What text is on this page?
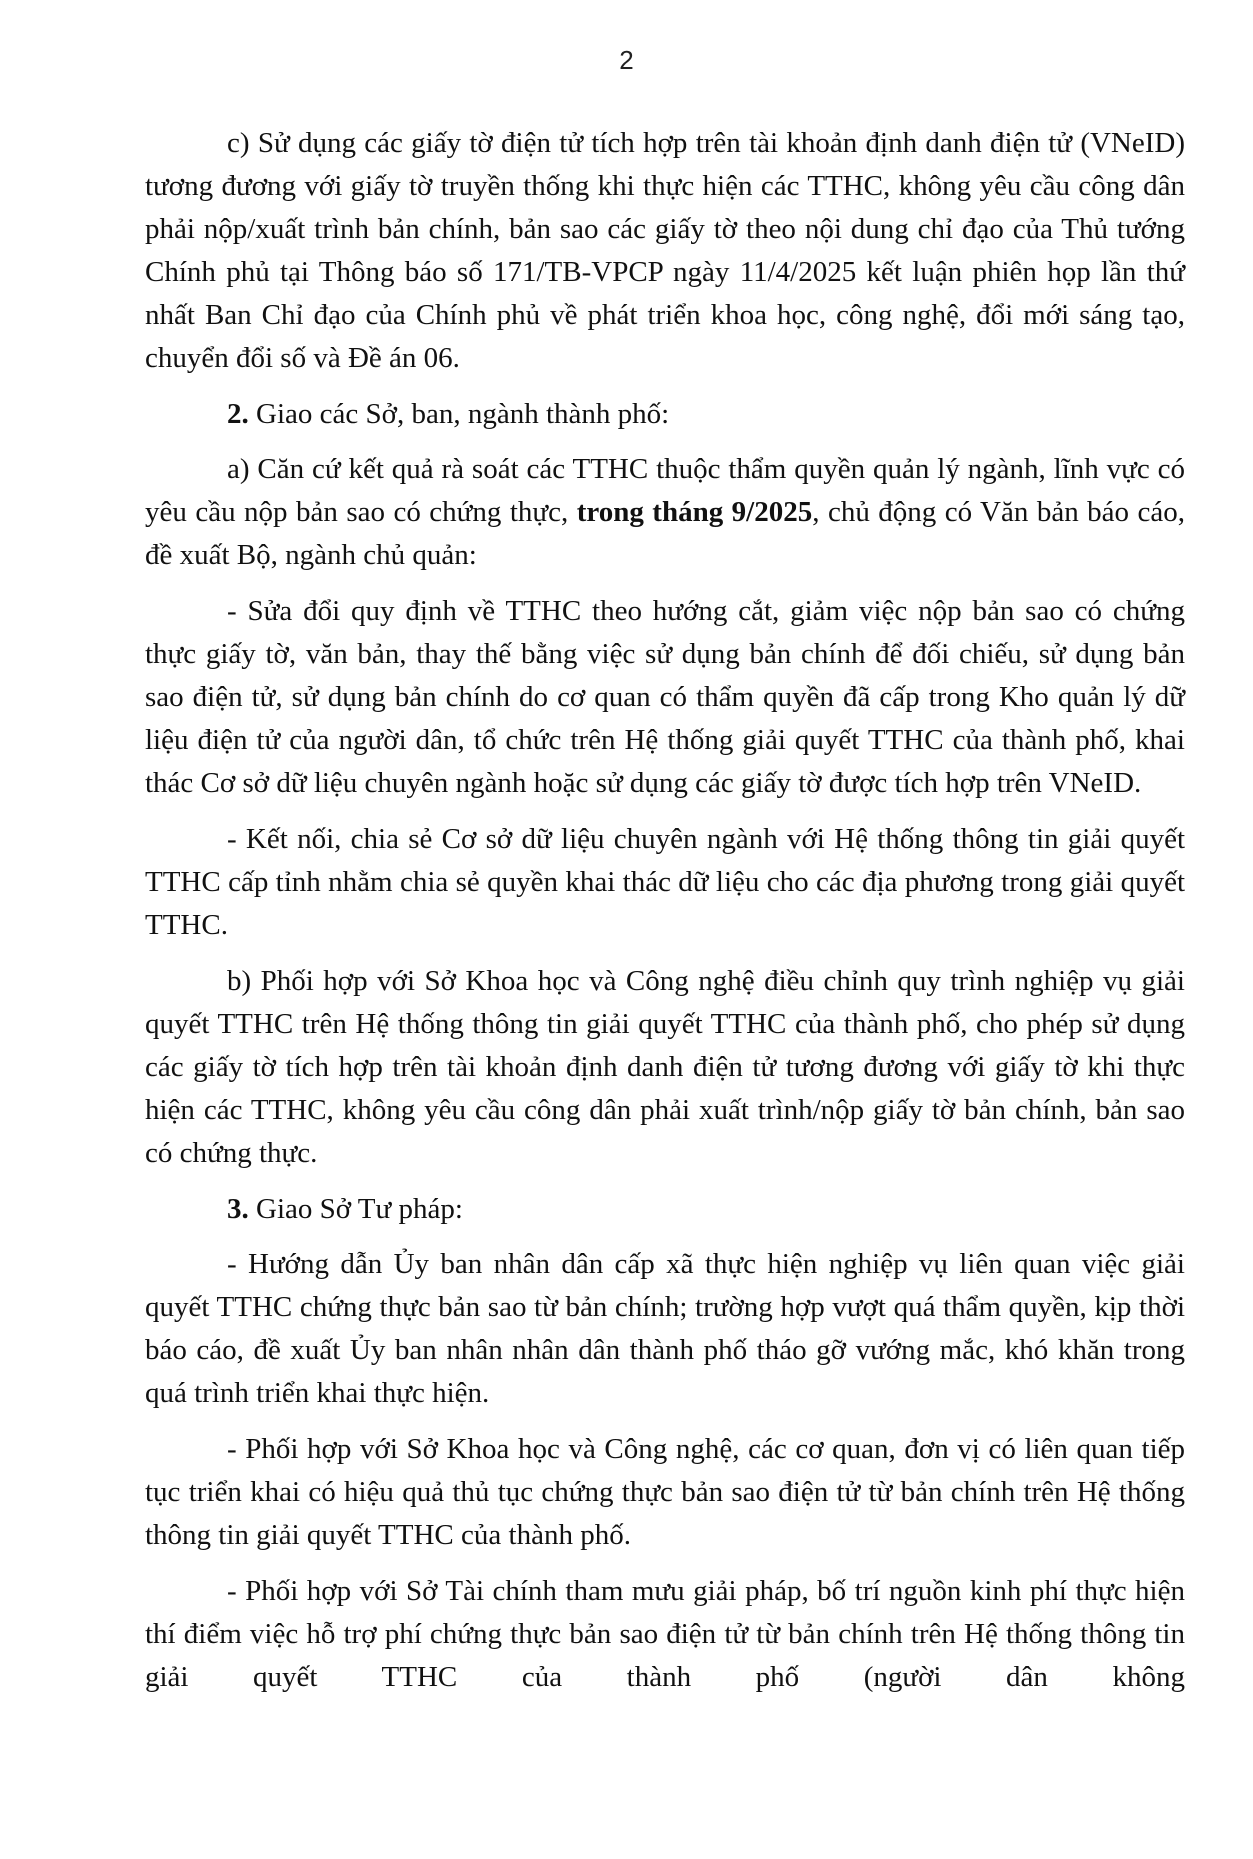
2

c) Sử dụng các giấy tờ điện tử tích hợp trên tài khoản định danh điện tử (VNeID) tương đương với giấy tờ truyền thống khi thực hiện các TTHC, không yêu cầu công dân phải nộp/xuất trình bản chính, bản sao các giấy tờ theo nội dung chỉ đạo của Thủ tướng Chính phủ tại Thông báo số 171/TB-VPCP ngày 11/4/2025 kết luận phiên họp lần thứ nhất Ban Chỉ đạo của Chính phủ về phát triển khoa học, công nghệ, đổi mới sáng tạo, chuyển đổi số và Đề án 06.

2. Giao các Sở, ban, ngành thành phố:

a) Căn cứ kết quả rà soát các TTHC thuộc thẩm quyền quản lý ngành, lĩnh vực có yêu cầu nộp bản sao có chứng thực, trong tháng 9/2025, chủ động có Văn bản báo cáo, đề xuất Bộ, ngành chủ quản:

- Sửa đổi quy định về TTHC theo hướng cắt, giảm việc nộp bản sao có chứng thực giấy tờ, văn bản, thay thế bằng việc sử dụng bản chính để đối chiếu, sử dụng bản sao điện tử, sử dụng bản chính do cơ quan có thẩm quyền đã cấp trong Kho quản lý dữ liệu điện tử của người dân, tổ chức trên Hệ thống giải quyết TTHC của thành phố, khai thác Cơ sở dữ liệu chuyên ngành hoặc sử dụng các giấy tờ được tích hợp trên VNeID.

- Kết nối, chia sẻ Cơ sở dữ liệu chuyên ngành với Hệ thống thông tin giải quyết TTHC cấp tỉnh nhằm chia sẻ quyền khai thác dữ liệu cho các địa phương trong giải quyết TTHC.

b) Phối hợp với Sở Khoa học và Công nghệ điều chỉnh quy trình nghiệp vụ giải quyết TTHC trên Hệ thống thông tin giải quyết TTHC của thành phố, cho phép sử dụng các giấy tờ tích hợp trên tài khoản định danh điện tử tương đương với giấy tờ khi thực hiện các TTHC, không yêu cầu công dân phải xuất trình/nộp giấy tờ bản chính, bản sao có chứng thực.

3. Giao Sở Tư pháp:

- Hướng dẫn Ủy ban nhân dân cấp xã thực hiện nghiệp vụ liên quan việc giải quyết TTHC chứng thực bản sao từ bản chính; trường hợp vượt quá thẩm quyền, kịp thời báo cáo, đề xuất Ủy ban nhân nhân dân thành phố tháo gỡ vướng mắc, khó khăn trong quá trình triển khai thực hiện.

- Phối hợp với Sở Khoa học và Công nghệ, các cơ quan, đơn vị có liên quan tiếp tục triển khai có hiệu quả thủ tục chứng thực bản sao điện tử từ bản chính trên Hệ thống thông tin giải quyết TTHC của thành phố.

- Phối hợp với Sở Tài chính tham mưu giải pháp, bố trí nguồn kinh phí thực hiện thí điểm việc hỗ trợ phí chứng thực bản sao điện tử từ bản chính trên Hệ thống thông tin giải quyết TTHC của thành phố (người dân không
